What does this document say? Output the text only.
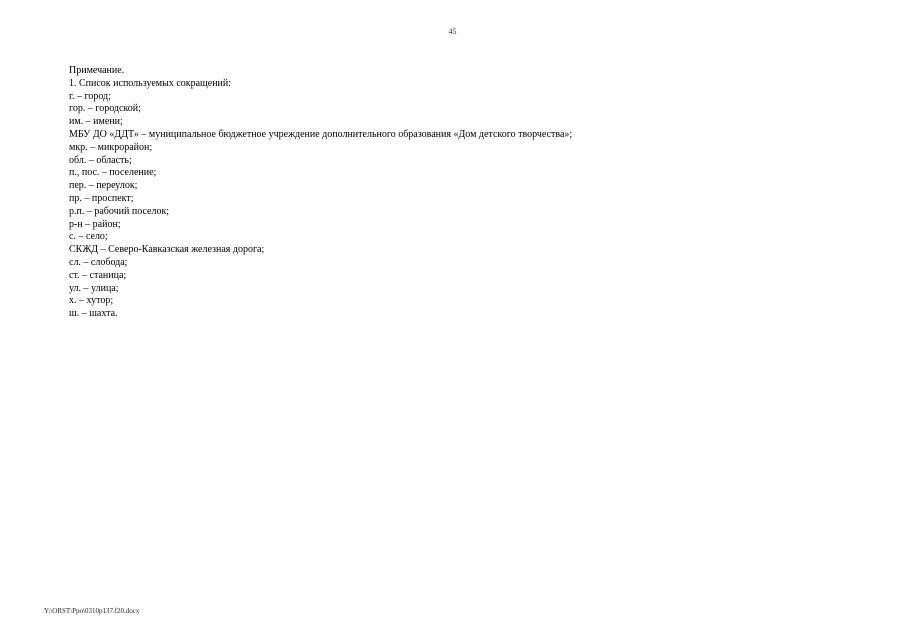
45
Примечание.
1. Список используемых сокращений:
г. – город;
гор. – городской;
им. – имени;
МБУ ДО «ДДТ» – муниципальное бюджетное учреждение дополнительного образования «Дом детского творчества»;
мкр. – микрорайон;
обл. – область;
п., пос. – поселение;
пер. – переулок;
пр. – проспект;
р.п. – рабочий поселок;
р-н – район;
с. – село;
СКЖД – Северо-Кавказская железная дорога;
сл. – слобода;
ст. – станица;
ул. – улица;
х. – хутор;
ш. – шахта.
Y:\ORST\Ppo\0310p137.f20.docx
